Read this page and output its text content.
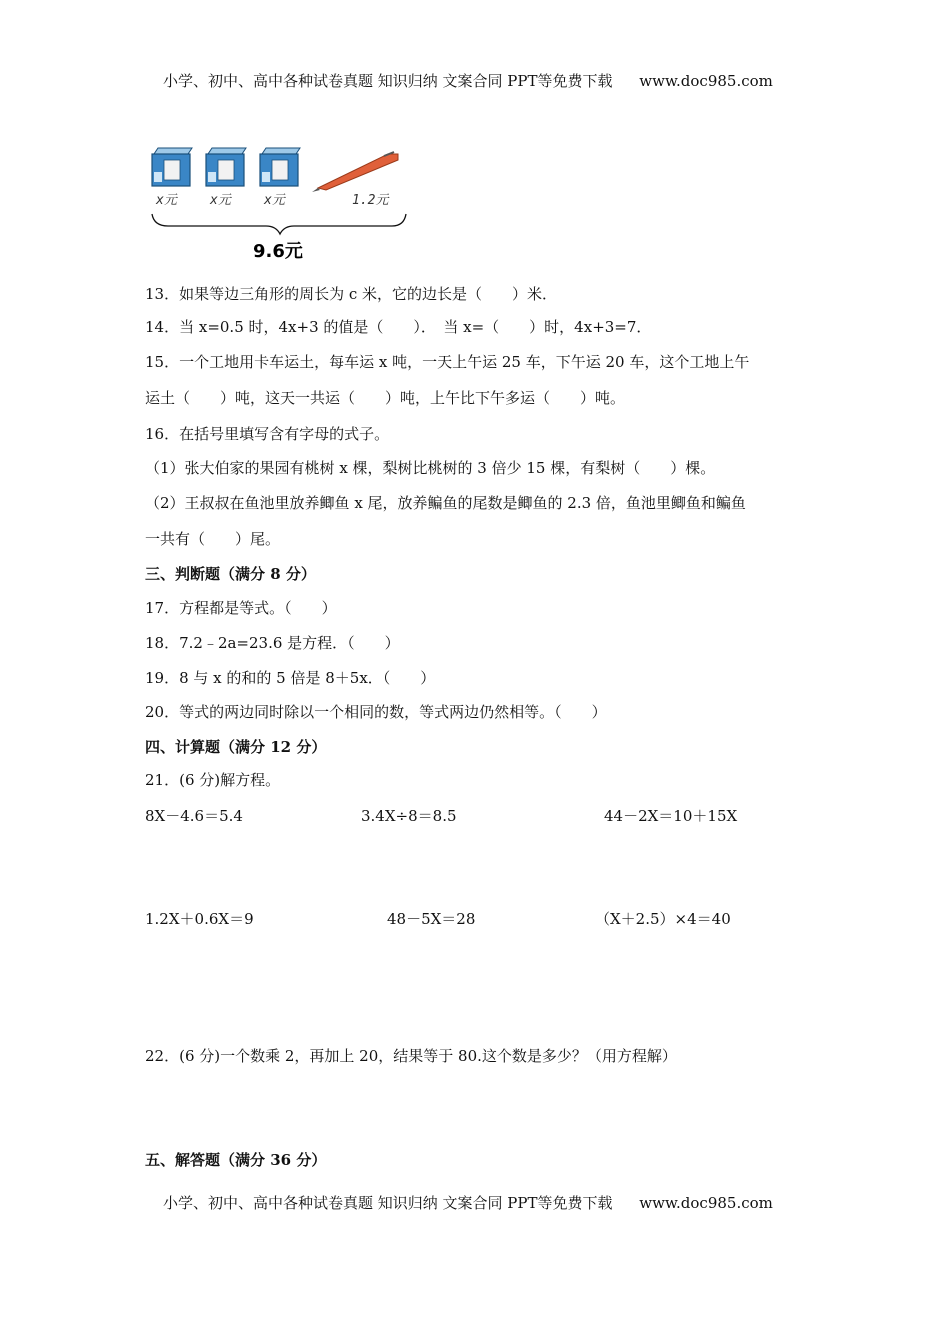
小学、初中、高中各种试卷真题 知识归纳 文案合同 PPT等免费下载 www.doc985.com
x元	x元	x元	1.2元
9.6元
13．如果等边三角形的周长为 c 米，它的边长是（　　）米．
14．当 x=0.5 时，4x+3 的值是（　　）．　当 x=（　　）时，4x+3=7．
15．一个工地用卡车运土，每车运 x 吨，一天上午运 25 车，下午运 20 车，这个工地上午
运土（　　）吨，这天一共运（　　）吨，上午比下午多运（　　）吨。
16．在括号里填写含有字母的式子。
（1）张大伯家的果园有桃树 x 棵，梨树比桃树的 3 倍少 15 棵，有梨树（　　）棵。
（2）王叔叔在鱼池里放养鲫鱼 x 尾，放养鳊鱼的尾数是鲫鱼的 2.3 倍，鱼池里鲫鱼和鳊鱼
一共有（　　）尾。
三、判断题（满分 8 分）
17．方程都是等式。（　　）
18．7.2﹣2a=23.6 是方程．（　　）
19．8 与 x 的和的 5 倍是 8＋5x．（　　）
20．等式的两边同时除以一个相同的数，等式两边仍然相等。（　　）
四、计算题（满分 12 分）
21．(6 分)解方程。
8X－4.6＝5.4	3.4X÷8＝8.5	44－2X＝10＋15X
1.2X＋0.6X＝9	48－5X＝28	（X＋2.5）×4＝40
22．(6 分)一个数乘 2，再加上 20，结果等于 80.这个数是多少？（用方程解）
五、解答题（满分 36 分）
小学、初中、高中各种试卷真题 知识归纳 文案合同 PPT等免费下载 www.doc985.com
